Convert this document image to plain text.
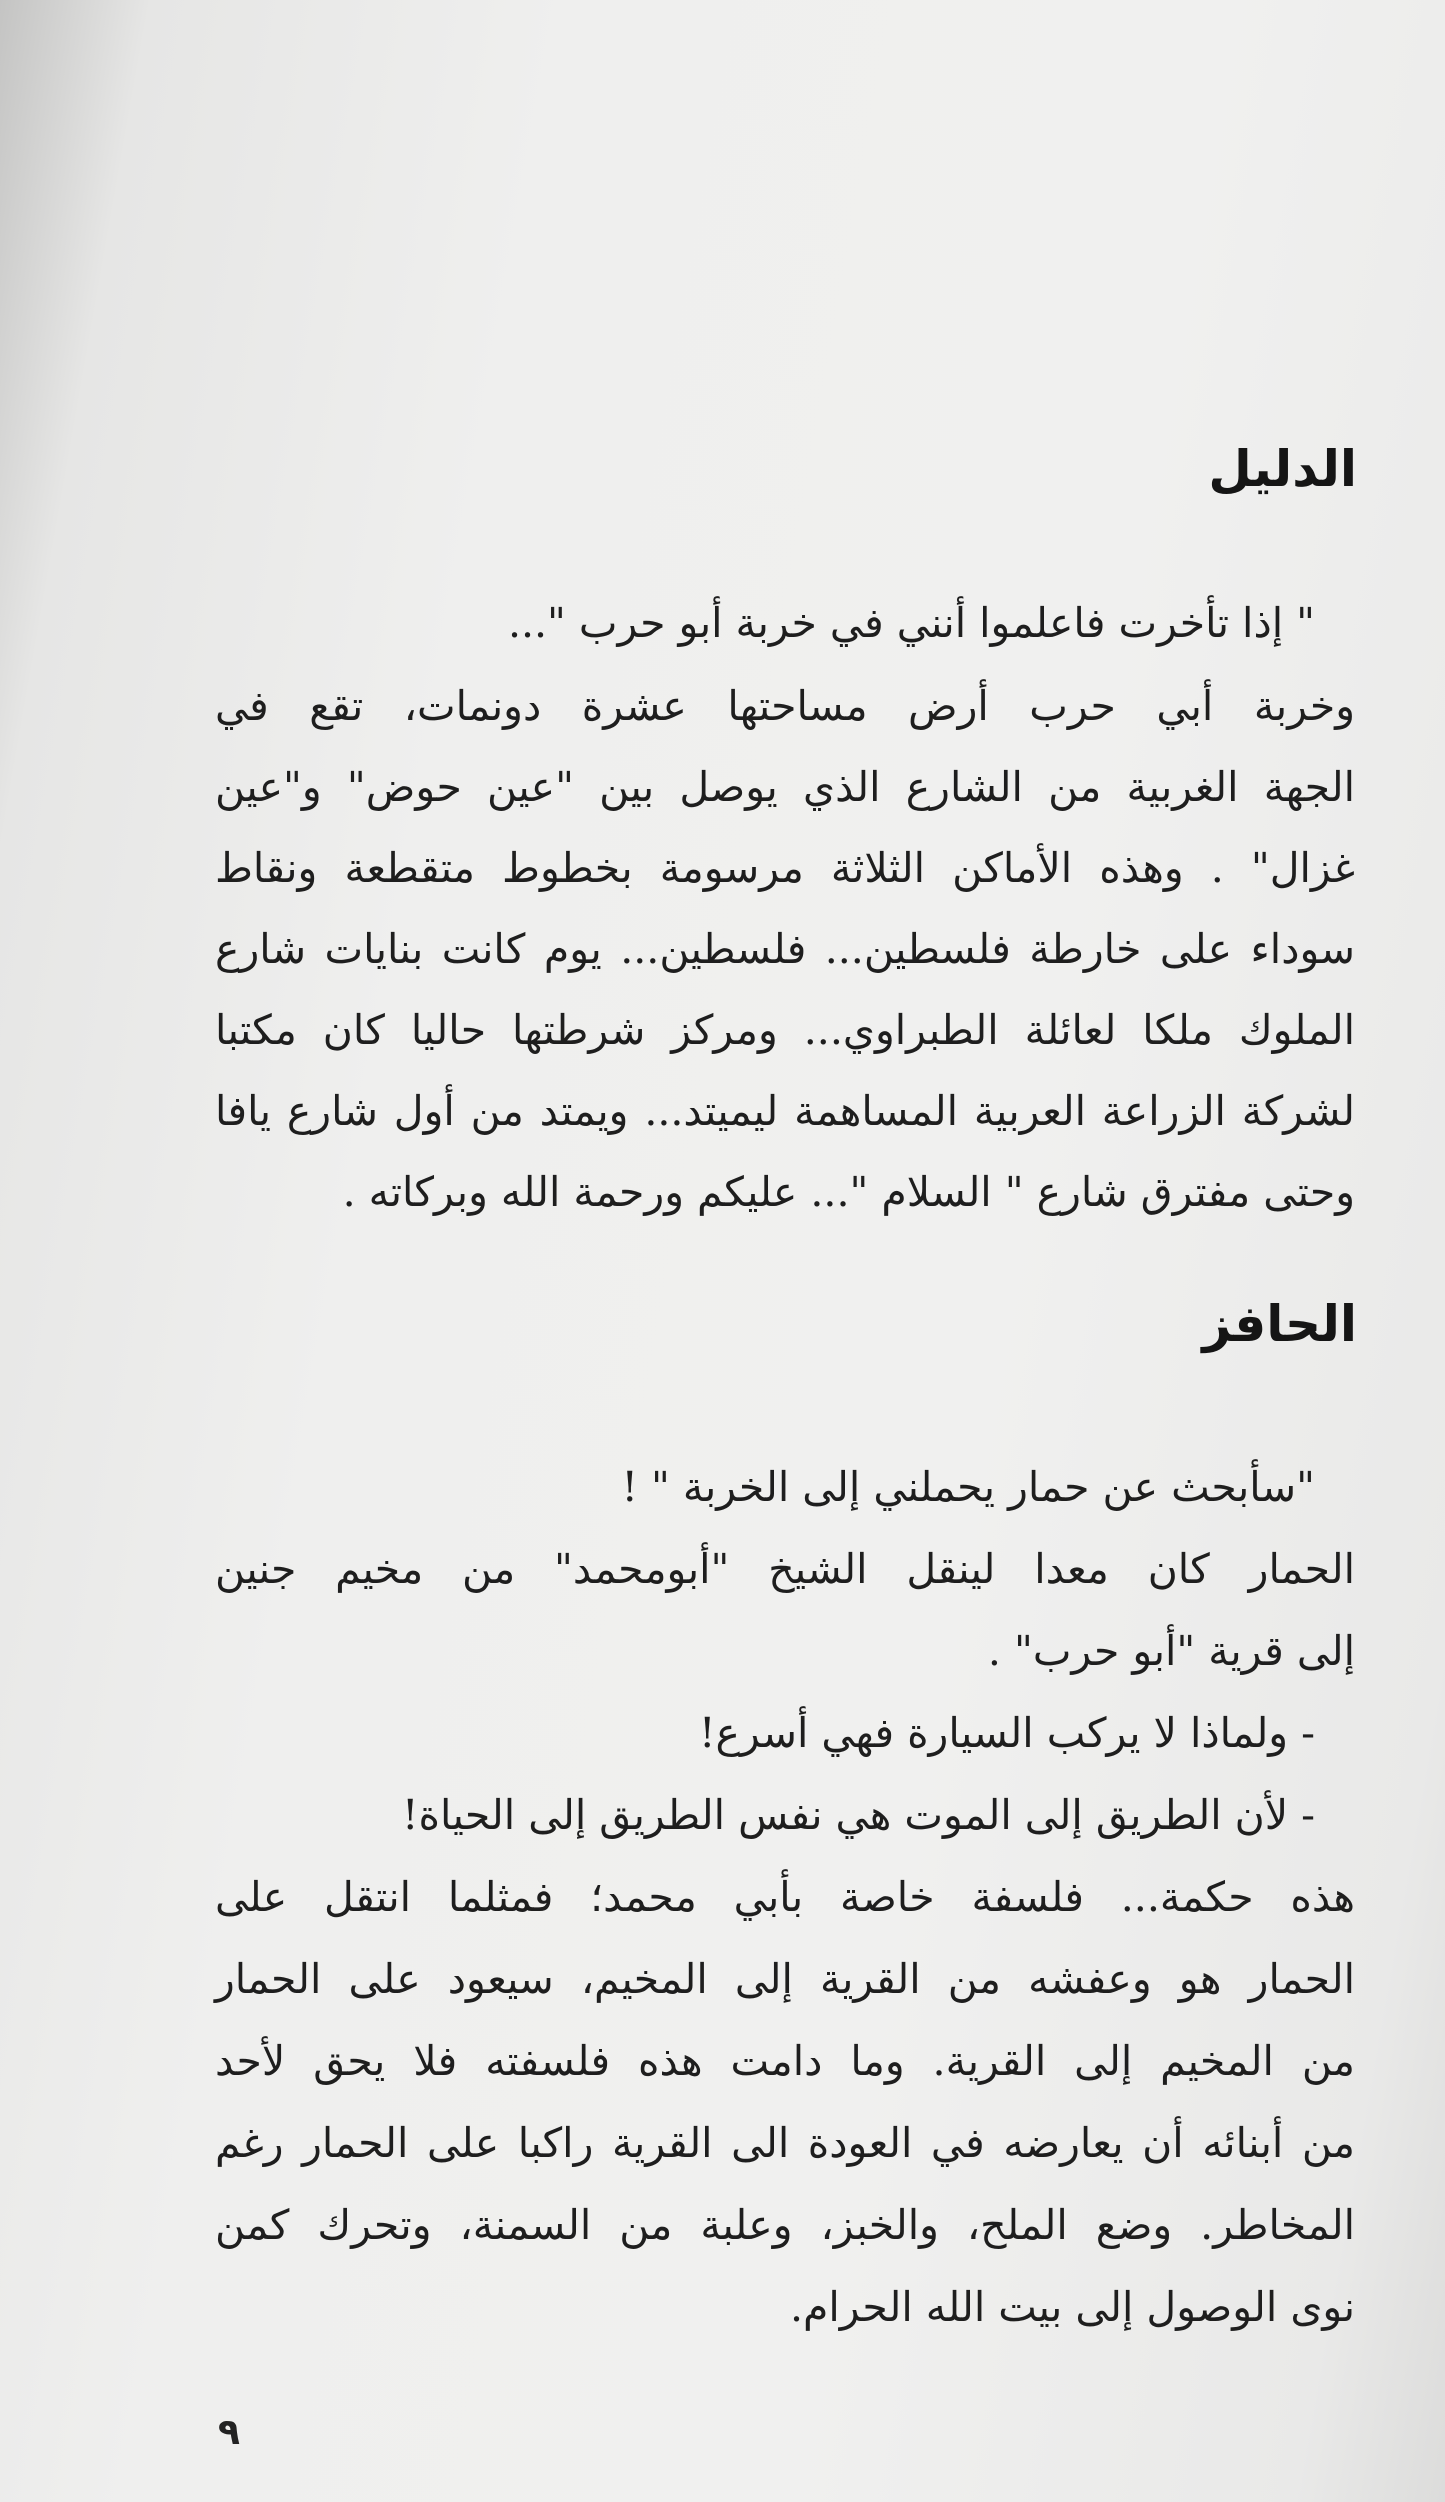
الدليل
" إذا تأخرت فاعلموا أنني في خربة أبو حرب "...
وخربة أبي حرب أرض مساحتها عشرة دونمات، تقع في
الجهة الغربية من الشارع الذي يوصل بين "عين حوض" و"عين
غزال" . وهذه الأماكن الثلاثة مرسومة بخطوط متقطعة ونقاط
سوداء على خارطة فلسطين... فلسطين... يوم كانت بنايات شارع
الملوك ملكا لعائلة الطبراوي... ومركز شرطتها حاليا كان مكتبا
لشركة الزراعة العربية المساهمة ليميتد... ويمتد من أول شارع يافا
وحتى مفترق شارع " السلام "... عليكم ورحمة الله وبركاته .
الحافز
"سأبحث عن حمار يحملني إلى الخربة " !
الحمار كان معدا لينقل الشيخ "أبومحمد" من مخيم جنين
إلى قرية "أبو حرب" .
- ولماذا لا يركب السيارة فهي أسرع!
- لأن الطريق إلى الموت هي نفس الطريق إلى الحياة!
هذه حكمة... فلسفة خاصة بأبي محمد؛ فمثلما انتقل على
الحمار هو وعفشه من القرية إلى المخيم، سيعود على الحمار
من المخيم إلى القرية. وما دامت هذه فلسفته فلا يحق لأحد
من أبنائه أن يعارضه في العودة الى القرية راكبا على الحمار رغم
المخاطر. وضع الملح، والخبز، وعلبة من السمنة، وتحرك كمن
نوى الوصول إلى بيت الله الحرام.
٩
